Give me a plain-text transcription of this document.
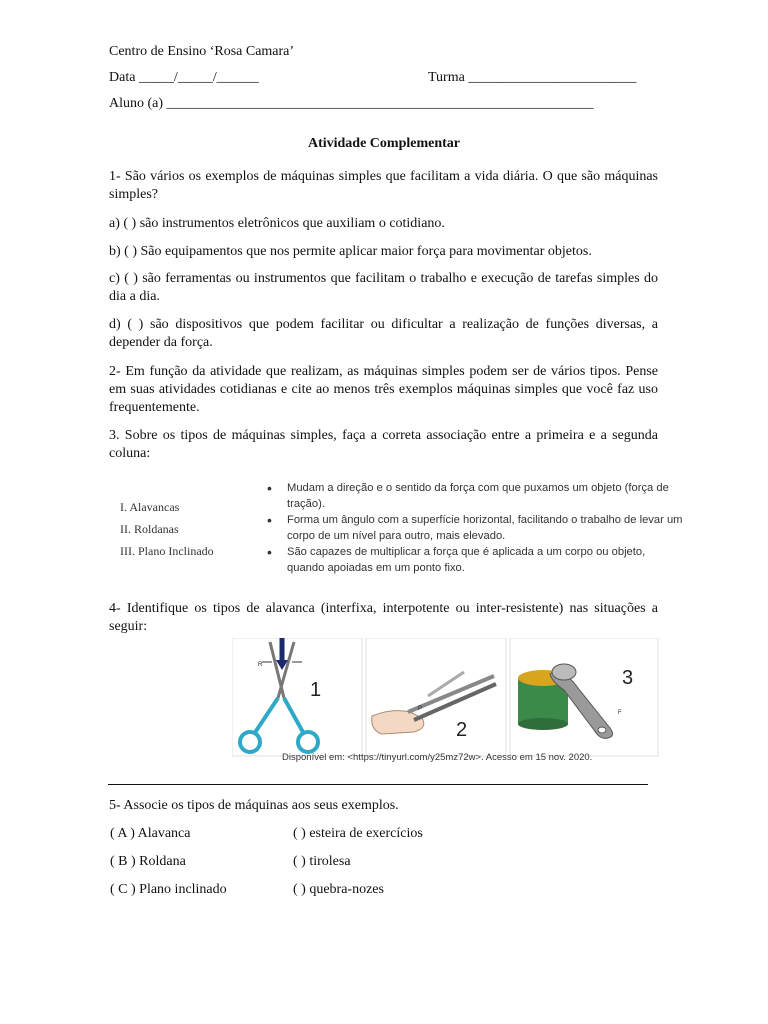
Centro de Ensino ‘Rosa Camara’
Data _____/_____/______	Turma ________________________
Aluno (a) _____________________________________________________________
Atividade Complementar
1- São vários os exemplos de máquinas simples que facilitam a vida diária. O que são máquinas simples?
a) ( ) são instrumentos eletrônicos que auxiliam o cotidiano.
b) ( ) São equipamentos que nos permite aplicar maior força para movimentar objetos.
c) ( ) são ferramentas ou instrumentos que facilitam o trabalho e execução de tarefas simples do dia a dia.
d) ( ) são dispositivos que podem facilitar ou dificultar a realização de funções diversas, a depender da força.
2- Em função da atividade que realizam, as máquinas simples podem ser de vários tipos. Pense em suas atividades cotidianas e cite ao menos três exemplos máquinas simples que você faz uso frequentemente.
3. Sobre os tipos de máquinas simples, faça a correta associação entre a primeira e a segunda coluna:
I. Alavancas
II. Roldanas
III. Plano Inclinado
• Mudam a direção e o sentido da força com que puxamos um objeto (força de tração).
• Forma um ângulo com a superfície horizontal, facilitando o trabalho de levar um corpo de um nível para outro, mais elevado.
• São capazes de multiplicar a força que é aplicada a um corpo ou objeto, quando apoiadas em um ponto fixo.
4- Identifique os tipos de alavanca (interfixa, interpotente ou inter-resistente) nas situações a seguir:
1
R
2
P
3
F
Disponível em: <https://tinyurl.com/y25mz72w>. Acesso em 15 nov. 2020.
5- Associe os tipos de máquinas aos seus exemplos.
( A ) Alavanca	( ) esteira de exercícios
( B ) Roldana	( ) tirolesa
( C ) Plano inclinado	( ) quebra-nozes
